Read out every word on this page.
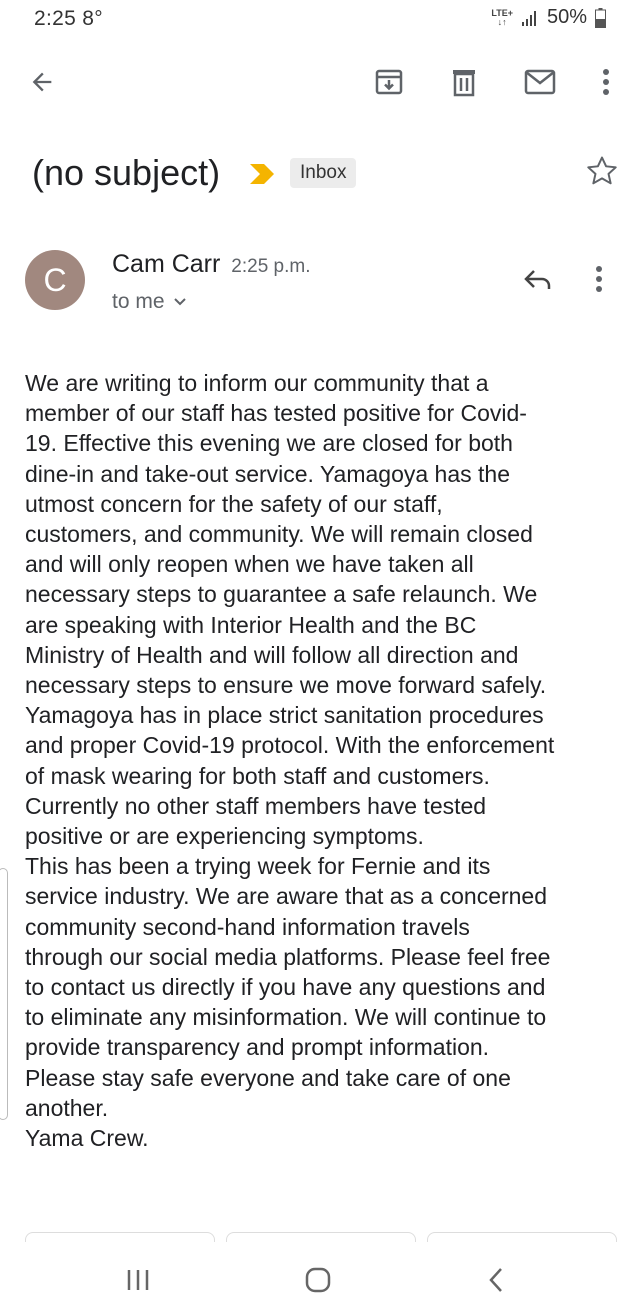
2:25 8°	LTE+
↓↑	50%
(no subject)	Inbox
C	Cam Carr 2:25 p.m.
to me

We are writing to inform our community that a
member of our staff has tested positive for Covid-
19. Effective this evening we are closed for both
dine-in and take-out service. Yamagoya has the
utmost concern for the safety of our staff,
customers, and community. We will remain closed
and will only reopen when we have taken all
necessary steps to guarantee a safe relaunch. We
are speaking with Interior Health and the BC
Ministry of Health and will follow all direction and
necessary steps to ensure we move forward safely.
Yamagoya has in place strict sanitation procedures
and proper Covid-19 protocol. With the enforcement
of mask wearing for both staff and customers.
Currently no other staff members have tested
positive or are experiencing symptoms.
This has been a trying week for Fernie and its
service industry. We are aware that as a concerned
community second-hand information travels
through our social media platforms. Please feel free
to contact us directly if you have any questions and
to eliminate any misinformation. We will continue to
provide transparency and prompt information.
Please stay safe everyone and take care of one
another.
Yama Crew.
